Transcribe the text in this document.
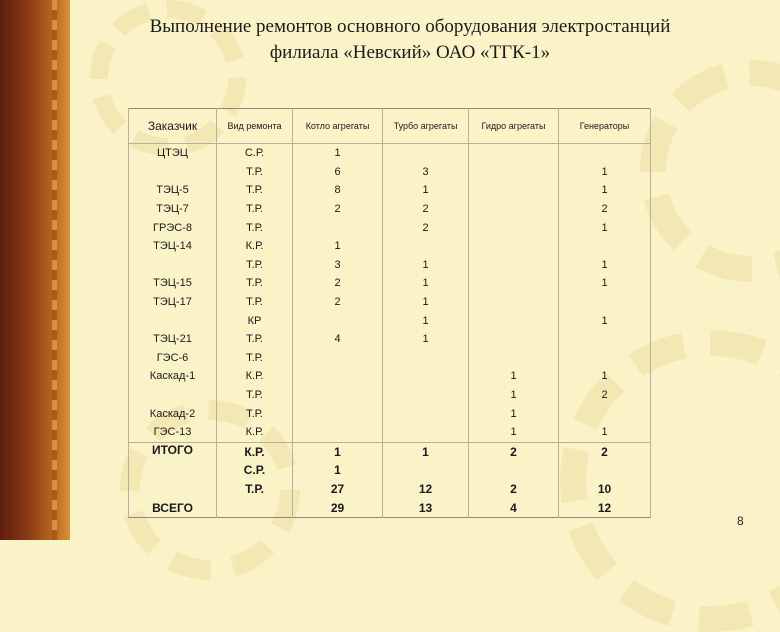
Выполнение ремонтов основного оборудования электростанций
филиала «Невский» ОАО «ТГК-1»
Заказчик	Вид ремонта	Котло агрегаты	Турбо агрегаты	Гидро агрегаты	Генераторы
ЦТЭЦ	С.Р.	1			
	Т.Р.	6	3		1
ТЭЦ-5	Т.Р.	8	1		1
ТЭЦ-7	Т.Р.	2	2		2
ГРЭС-8	Т.Р.		2		1
ТЭЦ-14	К.Р.	1			
	Т.Р.	3	1		1
ТЭЦ-15	Т.Р.	2	1		1
ТЭЦ-17	Т.Р.	2	1		
	КР		1		1
ТЭЦ-21	Т.Р.	4	1		
ГЭС-6	Т.Р.				
Каскад-1	К.Р.			1	1
	Т.Р.			1	2
Каскад-2	Т.Р.			1	
ГЭС-13	К.Р.			1	1
ИТОГО	К.Р.	1	1	2	2
	С.Р.	1			
	Т.Р.	27	12	2	10
ВСЕГО		29	13	4	12
8
